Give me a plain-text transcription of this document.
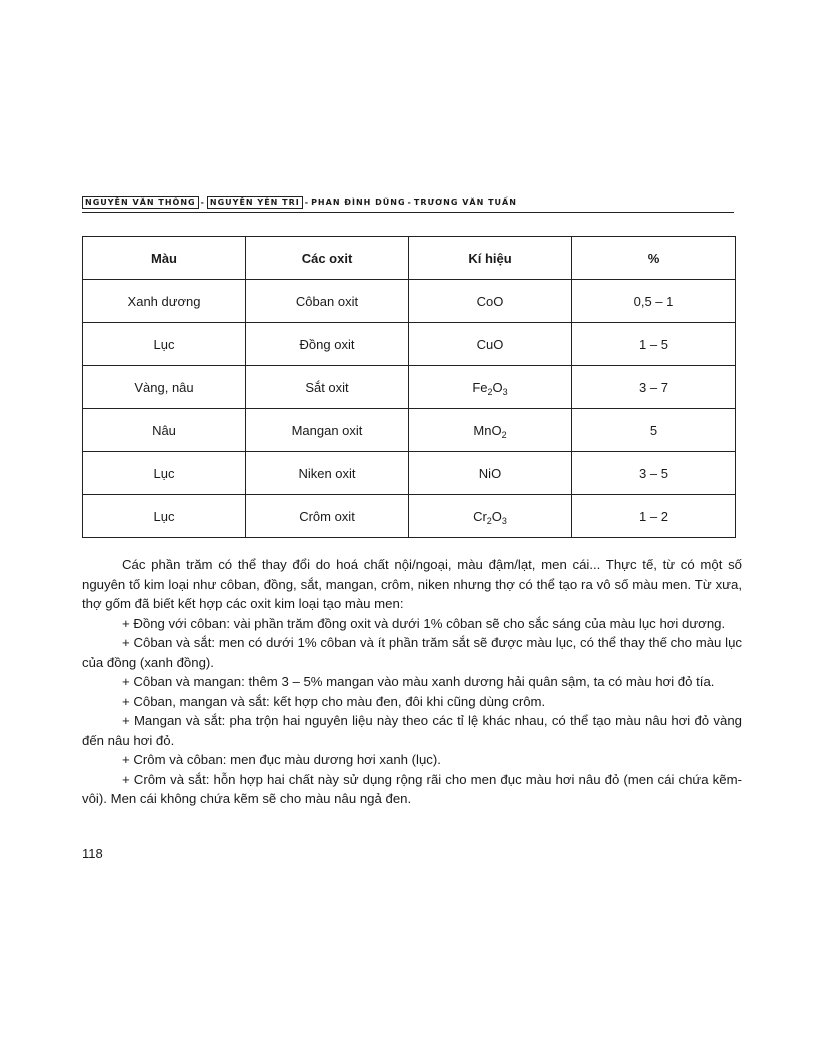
NGUYỄN VĂN THÔNG - NGUYỄN YÊN TRI - PHAN ĐÌNH DŨNG - TRƯƠNG VĂN TUẤN
Màu	Các oxit	Kí hiệu	%
Xanh dương	Côban oxit	CoO	0,5 – 1
Lục	Đồng oxit	CuO	1 – 5
Vàng, nâu	Sắt oxit	$Fe_2O_3$	3 – 7
Nâu	Mangan oxit	MnO$_2$	5
Lục	Niken oxit	NiO	3 – 5
Lục	Crôm oxit	$Cr_2O_3$	1 – 2

Các phần trăm có thể thay đổi do hoá chất nội/ngoại, màu đậm/lạt, men cái... Thực tế, từ có một số nguyên tố kim loại như côban, đồng, sắt, mangan, crôm, niken nhưng thợ có thể tạo ra vô số màu men. Từ xưa, thợ gốm đã biết kết hợp các oxit kim loại tạo màu men:

+ Đồng với côban: vài phần trăm đồng oxit và dưới 1% côban sẽ cho sắc sáng của màu lục hơi dương.

+ Côban và sắt: men có dưới 1% côban và ít phần trăm sắt sẽ được màu lục, có thể thay thế cho màu lục của đồng (xanh đồng).

+ Côban và mangan: thêm 3 – 5% mangan vào màu xanh dương hải quân sậm, ta có màu hơi đỏ tía.

+ Côban, mangan và sắt: kết hợp cho màu đen, đôi khi cũng dùng crôm.

+ Mangan và sắt: pha trộn hai nguyên liệu này theo các tỉ lệ khác nhau, có thể tạo màu nâu hơi đỏ vàng đến nâu hơi đỏ.

+ Crôm và côban: men đục màu dương hơi xanh (lục).

+ Crôm và sắt: hỗn hợp hai chất này sử dụng rộng rãi cho men đục màu hơi nâu đỏ (men cái chứa kẽm-vôi). Men cái không chứa kẽm sẽ cho màu nâu ngả đen.

118
